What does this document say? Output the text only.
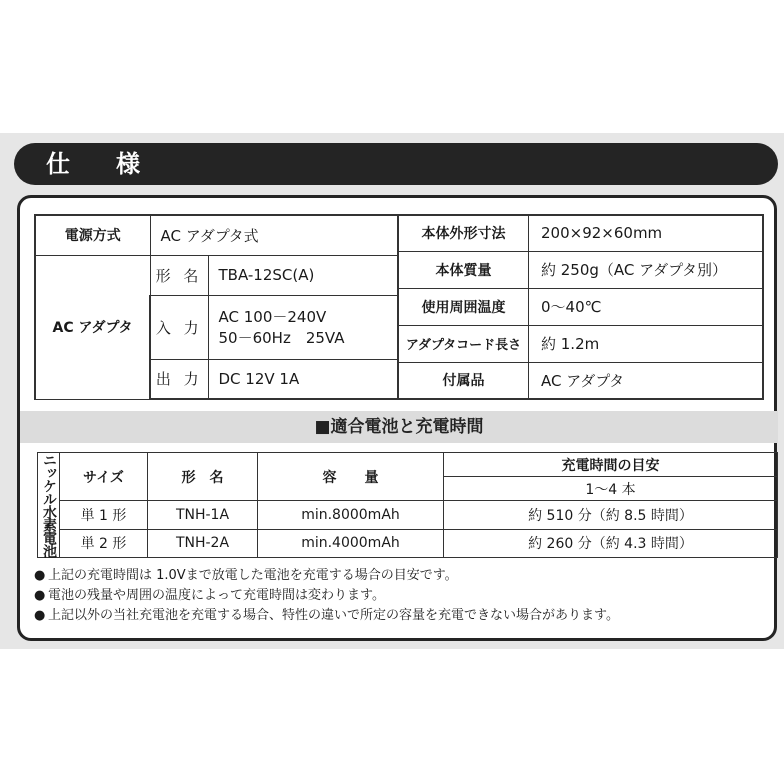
仕様
電源方式	AC アダプタ式	
AC アダプタ	形 名	TBA-12SC(A)
	入 力	AC 100－240V
50－60Hz　25VA

	出 力	DC 12V 1A
本体外形寸法	200×92×60mm
本体質量	約 250g（AC アダプタ別）
使用周囲温度	0～40℃
アダプタコード長さ	約 1.2m
付属品	AC アダプタ
■適合電池と充電時間
ニッケル水素電池	サイズ	形　名	容　　量	充電時間の目安
				1～4 本
	単 1 形	TNH-1A	min.8000mAh	約 510 分（約 8.5 時間）
	単 2 形	TNH-2A	min.4000mAh	約 260 分（約 4.3 時間）
● 上記の充電時間は 1.0Vまで放電した電池を充電する場合の目安です。
● 電池の残量や周囲の温度によって充電時間は変わります。
● 上記以外の当社充電池を充電する場合、特性の違いで所定の容量を充電できない場合があります。
